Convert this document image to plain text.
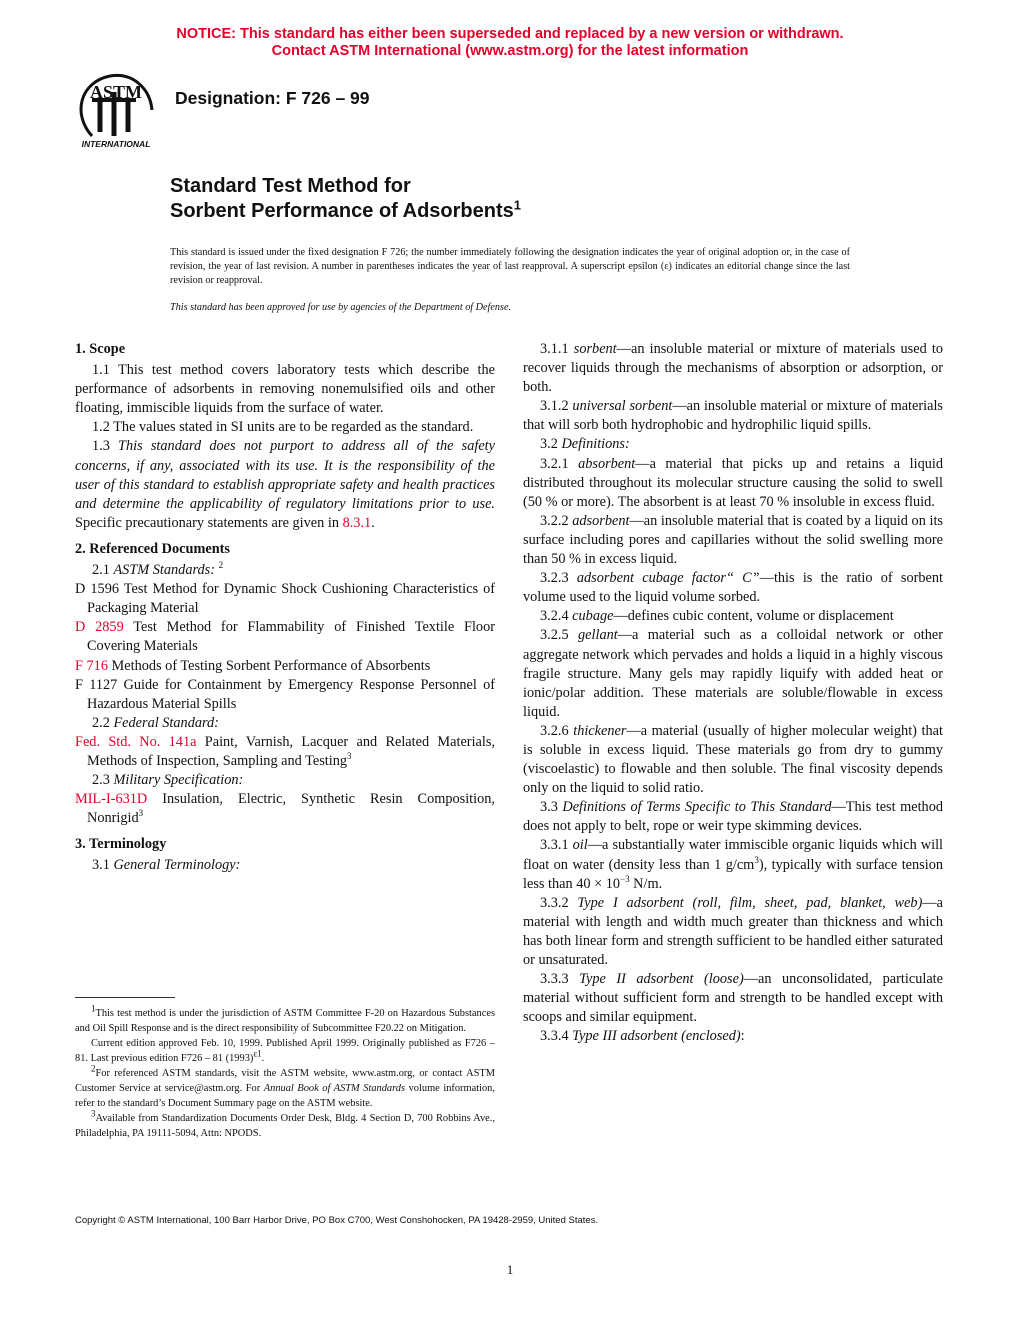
NOTICE: This standard has either been superseded and replaced by a new version or withdrawn.
Contact ASTM International (www.astm.org) for the latest information
ASTM
INTERNATIONAL
Designation: F 726 – 99
Standard Test Method for
Sorbent Performance of Adsorbents$^1$
This standard is issued under the fixed designation F 726; the number immediately following the designation indicates the year of original adoption or, in the case of revision, the year of last revision. A number in parentheses indicates the year of last reapproval. A superscript epsilon (ε) indicates an editorial change since the last revision or reapproval.
This standard has been approved for use by agencies of the Department of Defense.

1. Scope

1.1 This test method covers laboratory tests which describe the performance of adsorbents in removing nonemulsified oils and other floating, immiscible liquids from the surface of water.

1.2 The values stated in SI units are to be regarded as the standard.

1.3 This standard does not purport to address all of the safety concerns, if any, associated with its use. It is the responsibility of the user of this standard to establish appropriate safety and health practices and determine the applicability of regulatory limitations prior to use. Specific precautionary statements are given in 8.3.1.

2. Referenced Documents

2.1 ASTM Standards: $^2$

D 1596 Test Method for Dynamic Shock Cushioning Characteristics of Packaging Material

D 2859 Test Method for Flammability of Finished Textile Floor Covering Materials

F 716 Methods of Testing Sorbent Performance of Absorbents

F 1127 Guide for Containment by Emergency Response Personnel of Hazardous Material Spills

2.2 Federal Standard:

Fed. Std. No. 141a Paint, Varnish, Lacquer and Related Materials, Methods of Inspection, Sampling and Testing$^3$

2.3 Military Specification:

MIL-I-631D Insulation, Electric, Synthetic Resin Composition, Nonrigid$^3$

3. Terminology

3.1 General Terminology:

3.1.1 sorbent—an insoluble material or mixture of materials used to recover liquids through the mechanisms of absorption or adsorption, or both.

3.1.2 universal sorbent—an insoluble material or mixture of materials that will sorb both hydrophobic and hydrophilic liquid spills.

3.2 Definitions:

3.2.1 absorbent—a material that picks up and retains a liquid distributed throughout its molecular structure causing the solid to swell (50 % or more). The absorbent is at least 70 % insoluble in excess fluid.

3.2.2 adsorbent—an insoluble material that is coated by a liquid on its surface including pores and capillaries without the solid swelling more than 50 % in excess liquid.

3.2.3 adsorbent cubage factor“ C”—this is the ratio of sorbent volume used to the liquid volume sorbed.

3.2.4 cubage—defines cubic content, volume or displacement

3.2.5 gellant—a material such as a colloidal network or other aggregate network which pervades and holds a liquid in a highly viscous fragile structure. Many gels may rapidly liquify with added heat or ionic/polar addition. These materials are soluble/flowable in excess liquid.

3.2.6 thickener—a material (usually of higher molecular weight) that is soluble in excess liquid. These materials go from dry to gummy (viscoelastic) to flowable and then soluble. The final viscosity depends only on the liquid to solid ratio.

3.3 Definitions of Terms Specific to This Standard—This test method does not apply to belt, rope or weir type skimming devices.

3.3.1 oil—a substantially water immiscible organic liquids which will float on water (density less than 1 $g/cm^3$), typically with surface tension less than $40 \times 10^{-3}$ N/m.

3.3.2 Type I adsorbent (roll, film, sheet, pad, blanket, web)—a material with length and width much greater than thickness and which has both linear form and strength sufficient to be handled either saturated or unsaturated.

3.3.3 Type II adsorbent (loose)—an unconsolidated, particulate material without sufficient form and strength to be handled except with scoops and similar equipment.

3.3.4 Type III adsorbent (enclosed):

$^1$This test method is under the jurisdiction of ASTM Committee F-20 on Hazardous Substances and Oil Spill Response and is the direct responsibility of Subcommittee F20.22 on Mitigation.

Current edition approved Feb. 10, 1999. Published April 1999. Originally published as F726 – 81. Last previous edition F726 – 81 $(1993)^{\varepsilon 1}$.

$^2$For referenced ASTM standards, visit the ASTM website, www.astm.org, or contact ASTM Customer Service at service@astm.org. For Annual Book of ASTM Standards volume information, refer to the standard’s Document Summary page on the ASTM website.

$^3$Available from Standardization Documents Order Desk, Bldg. 4 Section D, 700 Robbins Ave., Philadelphia, PA 19111-5094, Attn: NPODS.

Copyright © ASTM International, 100 Barr Harbor Drive, PO Box C700, West Conshohocken, PA 19428-2959, United States.
1
